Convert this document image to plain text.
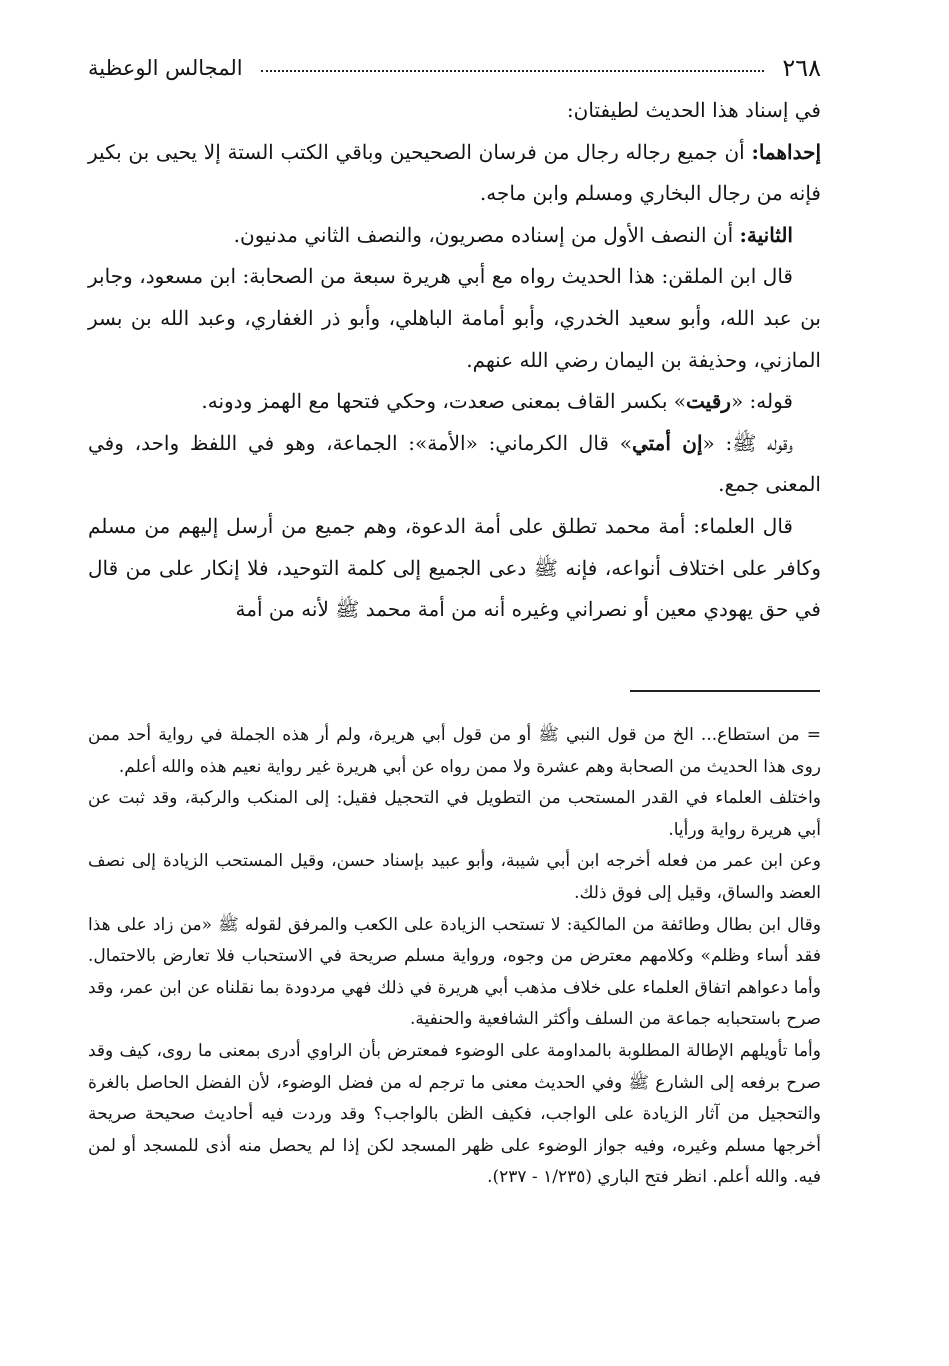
٢٦٨
المجالس الوعظية

في إسناد هذا الحديث لطيفتان:

إحداهما: أن جميع رجاله رجال من فرسان الصحيحين وباقي الكتب الستة إلا يحيى بن بكير فإنه من رجال البخاري ومسلم وابن ماجه.

الثانية: أن النصف الأول من إسناده مصريون، والنصف الثاني مدنيون.

قال ابن الملقن: هذا الحديث رواه مع أبي هريرة سبعة من الصحابة: ابن مسعود، وجابر بن عبد الله، وأبو سعيد الخدري، وأبو أمامة الباهلي، وأبو ذر الغفاري، وعبد الله بن بسر المازني، وحذيفة بن اليمان رضي الله عنهم.

قوله: «رقيت» بكسر القاف بمعنى صعدت، وحكي فتحها مع الهمز ودونه.

وقوله ﷺ: «إن أمتي» قال الكرماني: «الأمة»: الجماعة، وهو في اللفظ واحد، وفي المعنى جمع.

قال العلماء: أمة محمد تطلق على أمة الدعوة، وهم جميع من أرسل إليهم من مسلم وكافر على اختلاف أنواعه، فإنه ﷺ دعى الجميع إلى كلمة التوحيد، فلا إنكار على من قال في حق يهودي معين أو نصراني وغيره أنه من أمة محمد ﷺ لأنه من أمة

= من استطاع... الخ من قول النبي ﷺ أو من قول أبي هريرة، ولم أر هذه الجملة في رواية أحد ممن روى هذا الحديث من الصحابة وهم عشرة ولا ممن رواه عن أبي هريرة غير رواية نعيم هذه والله أعلم.

واختلف العلماء في القدر المستحب من التطويل في التحجيل فقيل: إلى المنكب والركبة، وقد ثبت عن أبي هريرة رواية ورأيا.

وعن ابن عمر من فعله أخرجه ابن أبي شيبة، وأبو عبيد بإسناد حسن، وقيل المستحب الزيادة إلى نصف العضد والساق، وقيل إلى فوق ذلك.

وقال ابن بطال وطائفة من المالكية: لا تستحب الزيادة على الكعب والمرفق لقوله ﷺ «من زاد على هذا فقد أساء وظلم» وكلامهم معترض من وجوه، ورواية مسلم صريحة في الاستحباب فلا تعارض بالاحتمال. وأما دعواهم اتفاق العلماء على خلاف مذهب أبي هريرة في ذلك فهي مردودة بما نقلناه عن ابن عمر، وقد صرح باستحبابه جماعة من السلف وأكثر الشافعية والحنفية.

وأما تأويلهم الإطالة المطلوبة بالمداومة على الوضوء فمعترض بأن الراوي أدرى بمعنى ما روى، كيف وقد صرح برفعه إلى الشارع ﷺ وفي الحديث معنى ما ترجم له من فضل الوضوء، لأن الفضل الحاصل بالغرة والتحجيل من آثار الزيادة على الواجب، فكيف الظن بالواجب؟ وقد وردت فيه أحاديث صحيحة صريحة أخرجها مسلم وغيره، وفيه جواز الوضوء على ظهر المسجد لكن إذا لم يحصل منه أذى للمسجد أو لمن فيه. والله أعلم. انظر فتح الباري (١/٢٣٥ - ٢٣٧).
